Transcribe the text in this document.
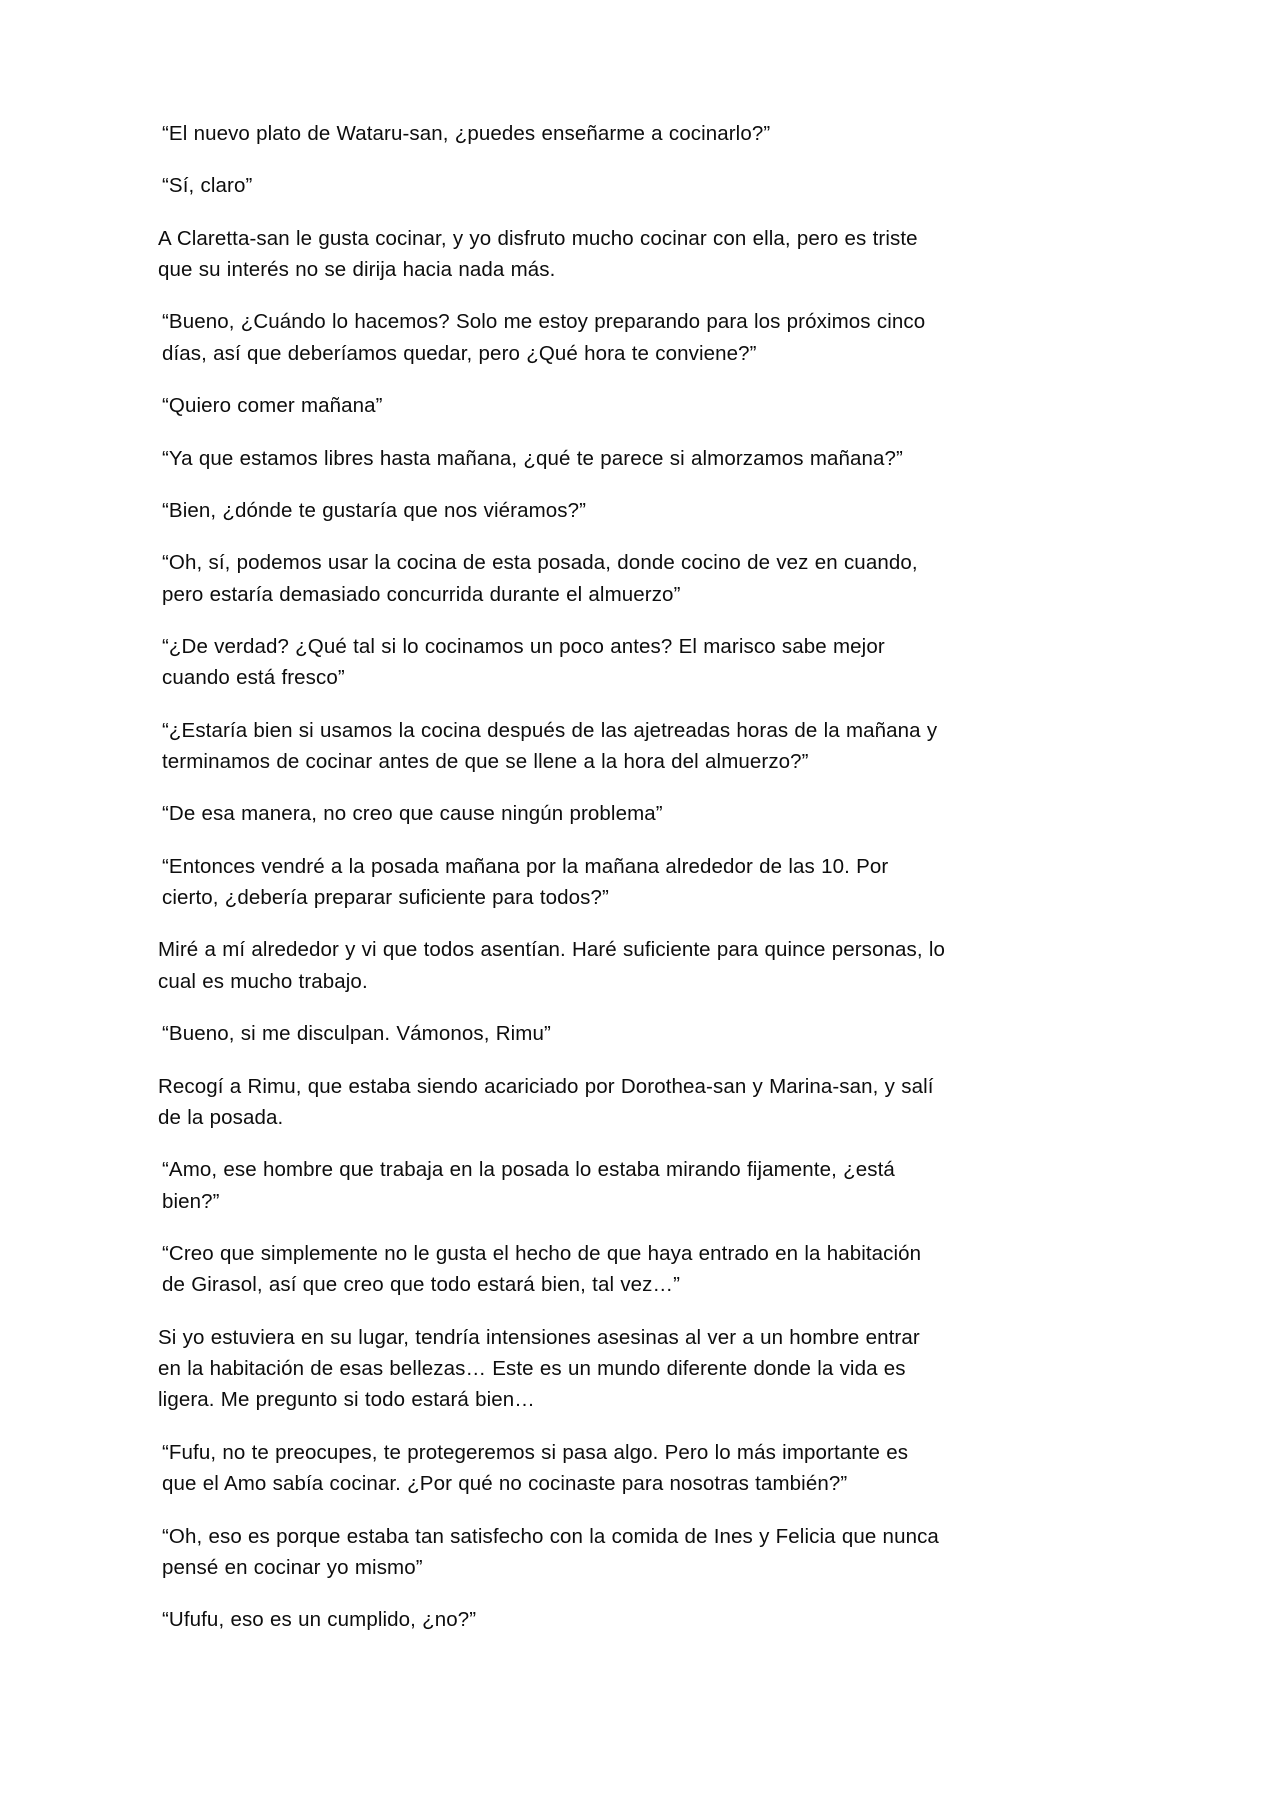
“El nuevo plato de Wataru-san, ¿puedes enseñarme a cocinarlo?”

“Sí, claro”

A Claretta-san le gusta cocinar, y yo disfruto mucho cocinar con ella, pero es triste que su interés no se dirija hacia nada más.

“Bueno, ¿Cuándo lo hacemos? Solo me estoy preparando para los próximos cinco días, así que deberíamos quedar, pero ¿Qué hora te conviene?”

“Quiero comer mañana”

“Ya que estamos libres hasta mañana, ¿qué te parece si almorzamos mañana?”

“Bien, ¿dónde te gustaría que nos viéramos?”

“Oh, sí, podemos usar la cocina de esta posada, donde cocino de vez en cuando, pero estaría demasiado concurrida durante el almuerzo”

“¿De verdad? ¿Qué tal si lo cocinamos un poco antes? El marisco sabe mejor cuando está fresco”

“¿Estaría bien si usamos la cocina después de las ajetreadas horas de la mañana y terminamos de cocinar antes de que se llene a la hora del almuerzo?”

“De esa manera, no creo que cause ningún problema”

“Entonces vendré a la posada mañana por la mañana alrededor de las 10. Por cierto, ¿debería preparar suficiente para todos?”

Miré a mí alrededor y vi que todos asentían. Haré suficiente para quince personas, lo cual es mucho trabajo.

“Bueno, si me disculpan. Vámonos, Rimu”

Recogí a Rimu, que estaba siendo acariciado por Dorothea-san y Marina-san, y salí de la posada.

“Amo, ese hombre que trabaja en la posada lo estaba mirando fijamente, ¿está bien?”

“Creo que simplemente no le gusta el hecho de que haya entrado en la habitación de Girasol, así que creo que todo estará bien, tal vez…”

Si yo estuviera en su lugar, tendría intensiones asesinas al ver a un hombre entrar en la habitación de esas bellezas… Este es un mundo diferente donde la vida es ligera. Me pregunto si todo estará bien…

“Fufu, no te preocupes, te protegeremos si pasa algo. Pero lo más importante es que el Amo sabía cocinar. ¿Por qué no cocinaste para nosotras también?”

“Oh, eso es porque estaba tan satisfecho con la comida de Ines y Felicia que nunca pensé en cocinar yo mismo”

“Ufufu, eso es un cumplido, ¿no?”
